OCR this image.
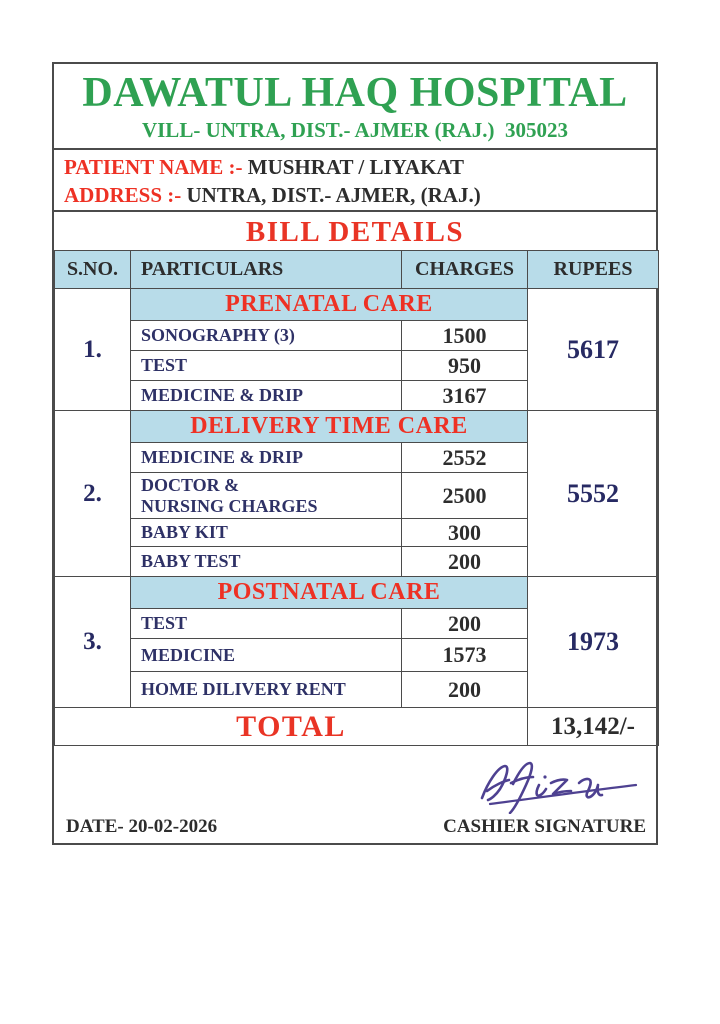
DAWATUL HAQ HOSPITAL
VILL- UNTRA, DIST.- AJMER (RAJ.)  305023
PATIENT NAME :- MUSHRAT / LIYAKAT
ADDRESS :- UNTRA, DIST.- AJMER, (RAJ.)
BILL DETAILS
S.NO.	PARTICULARS	CHARGES	RUPEES
1.	PRENATAL CARE		5617
	SONOGRAPHY (3)	1500	
	TEST	950	
	MEDICINE & DRIP	3167	
2.	DELIVERY TIME CARE		5552
	MEDICINE & DRIP	2552	
	DOCTOR & NURSING CHARGES	2500	
	BABY KIT	300	
	BABY TEST	200	
3.	POSTNATAL CARE		1973
	TEST	200	
	MEDICINE	1573	
	HOME DILIVERY RENT	200	
TOTAL			13,142/-
DATE- 20-02-2026	CASHIER SIGNATURE
